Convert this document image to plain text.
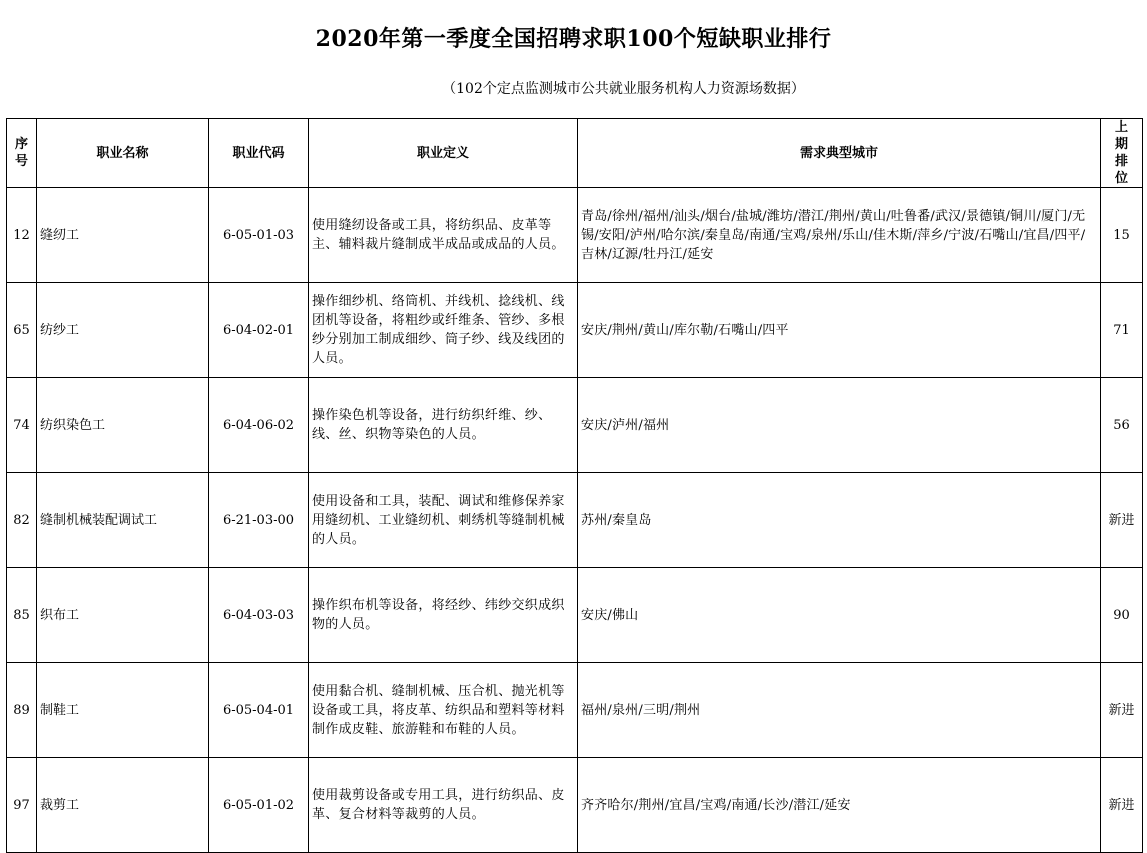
2020年第一季度全国招聘求职100个短缺职业排行
（102个定点监测城市公共就业服务机构人力资源场数据）
序号	职业名称	职业代码	职业定义	需求典型城市	上期排位
12	缝纫工	6-05-01-03	使用缝纫设备或工具，将纺织品、皮革等主、辅料裁片缝制成半成品或成品的人员。	青岛/徐州/福州/汕头/烟台/盐城/潍坊/潜江/荆州/黄山/吐鲁番/武汉/景德镇/铜川/厦门/无锡/安阳/泸州/哈尔滨/秦皇岛/南通/宝鸡/泉州/乐山/佳木斯/萍乡/宁波/石嘴山/宜昌/四平/吉林/辽源/牡丹江/延安	15
65	纺纱工	6-04-02-01	操作细纱机、络筒机、并线机、捻线机、线团机等设备，将粗纱或纤维条、管纱、多根纱分别加工制成细纱、筒子纱、线及线团的人员。	安庆/荆州/黄山/库尔勒/石嘴山/四平	71
74	纺织染色工	6-04-06-02	操作染色机等设备，进行纺织纤维、纱、线、丝、织物等染色的人员。	安庆/泸州/福州	56
82	缝制机械装配调试工	6-21-03-00	使用设备和工具，装配、调试和维修保养家用缝纫机、工业缝纫机、刺绣机等缝制机械的人员。	苏州/秦皇岛	新进
85	织布工	6-04-03-03	操作织布机等设备，将经纱、纬纱交织成织物的人员。	安庆/佛山	90
89	制鞋工	6-05-04-01	使用黏合机、缝制机械、压合机、抛光机等设备或工具，将皮革、纺织品和塑料等材料制作成皮鞋、旅游鞋和布鞋的人员。	福州/泉州/三明/荆州	新进
97	裁剪工	6-05-01-02	使用裁剪设备或专用工具，进行纺织品、皮革、复合材料等裁剪的人员。	齐齐哈尔/荆州/宜昌/宝鸡/南通/长沙/潜江/延安	新进
